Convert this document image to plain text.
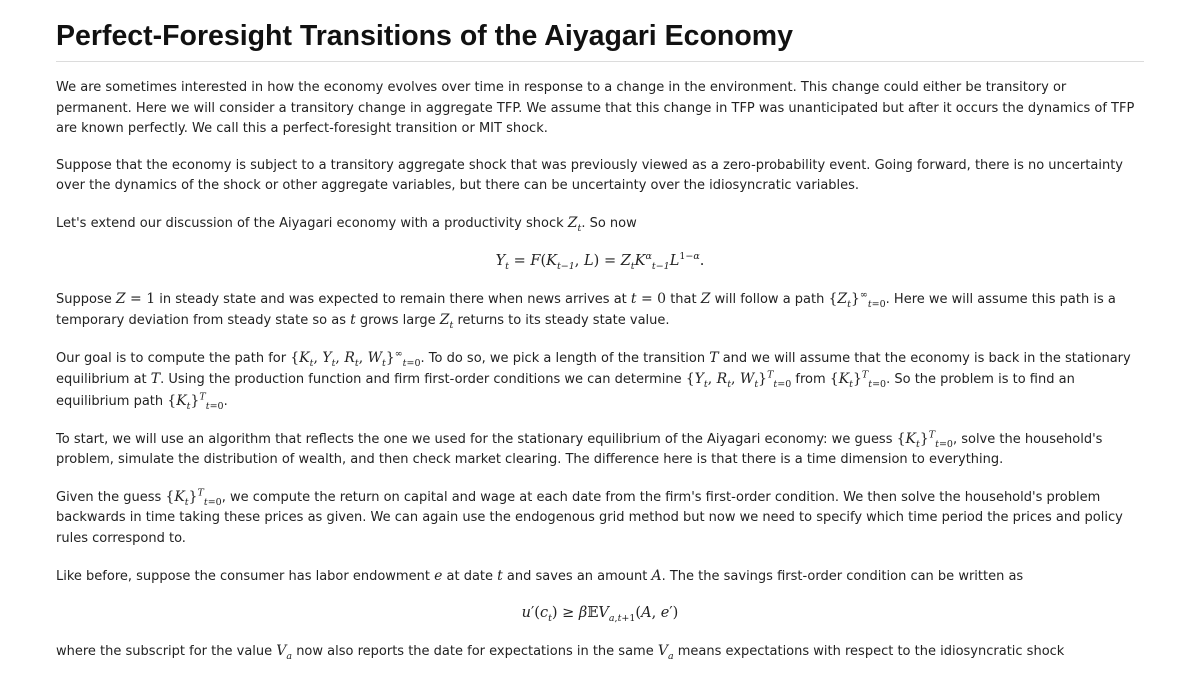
Perfect-Foresight Transitions of the Aiyagari Economy

We are sometimes interested in how the economy evolves over time in response to a change in the environment. This change could either be transitory or permanent. Here we will consider a transitory change in aggregate TFP. We assume that this change in TFP was unanticipated but after it occurs the dynamics of TFP are known perfectly. We call this a perfect-foresight transition or MIT shock.

Suppose that the economy is subject to a transitory aggregate shock that was previously viewed as a zero-probability event. Going forward, there is no uncertainty over the dynamics of the shock or other aggregate variables, but there can be uncertainty over the idiosyncratic variables.

Let's extend our discussion of the Aiyagari economy with a productivity shock $Z_t$. So now

$Y_t = F(K_{t-1}$, $L) = Z_tK^\alpha_{t-1}L^{1-\alpha}$.

Suppose Z = 1 in steady state and was expected to remain there when news arrives at t = 0 that Z will follow a path $\{Z_t\}^\infty_{t=0}$. Here we will assume this path is a temporary deviation from steady state so as t grows large $Z_t$ returns to its steady state value.

Our goal is to compute the path for {$K_t$, $Y_t$, $R_t$, $W_t\}^\infty_{t=0}$. To do so, we pick a length of the transition T and we will assume that the economy is back in the stationary equilibrium at T. Using the production function and firm first-order conditions we can determine {$Y_t$, $R_t$, $W_t\}^T_{t=0}$ from $\{K_t\}^T_{t=0}$. So the problem is to find an equilibrium path $\{K_t\}^T_{t=0}$.

To start, we will use an algorithm that reflects the one we used for the stationary equilibrium of the Aiyagari economy: we guess $\{K_t\}^T_{t=0}$, solve the household's problem, simulate the distribution of wealth, and then check market clearing. The difference here is that there is a time dimension to everything.

Given the guess $\{K_t\}^T_{t=0}$, we compute the return on capital and wage at each date from the firm's first-order condition. We then solve the household's problem backwards in time taking these prices as given. We can again use the endogenous grid method but now we need to specify which time period the prices and policy rules correspond to.

Like before, suppose the consumer has labor endowment e at date t and saves an amount A. The the savings first-order condition can be written as

$u'(c_t)$ ≥ β𝔼V$_{a,t+1}$(A, e′)

where the subscript for the value $V_a$ now also reports the date for expectations in the same $V_a$ means expectations with respect to the idiosyncratic shock
